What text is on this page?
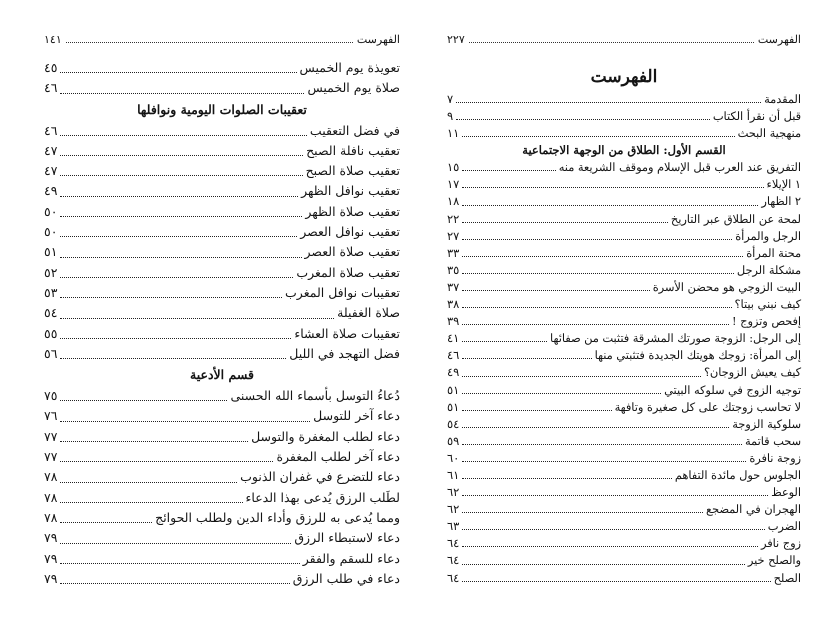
الفهرست
١٤١
تعويذة يوم الخميس
٤٥
صلاة يوم الخميس
٤٦
تعقيبات الصلوات اليومية ونوافلها
في فضل التعقيب
٤٦
تعقيب نافلة الصبح
٤٧
تعقيب صلاة الصبح
٤٧
تعقيب نوافل الظهر
٤٩
تعقيب صلاة الظهر
٥٠
تعقيب نوافل العصر
٥٠
تعقيب صلاة العصر
٥١
تعقيب صلاة المغرب
٥٢
تعقيبات نوافل المغرب
٥٣
صلاة الغفيلة
٥٤
تعقيبات صلاة العشاء
٥٥
فضل التهجد في الليل
٥٦
قسم الأدعية
دُعاءُ التوسل بأسماء الله الحسنى
٧٥
دعاء آخر للتوسل
٧٦
دعاء لطلب المغفرة والتوسل
٧٧
دعاء آخر لطلب المغفرة
٧٧
دعاء للتضرع في غفران الذنوب
٧٨
لطَلب الرزق يُدعى بهذا الدعاء
٧٨
ومما يُدعى به للرزق وأداء الدين ولطلب الحوائج
٧٨
دعاء لاستبطاء الرزق
٧٩
دعاء للسقم والفقر
٧٩
دعاء في طلب الرزق
٧٩
الفهرست
٢٢٧
الفهرست
المقدمة
٧
قبل أن نقرأ الكتاب
٩
منهجية البحث
١١
القسم الأول: الطلاق من الوجهة الاجتماعية
التفريق عند العرب قبل الإسلام وموقف الشريعة منه
١٥
١ الإيلاء
١٧
٢ الظهار
١٨
لمحة عن الطلاق عبر التاريخ
٢٢
الرجل والمرأة
٢٧
محنة المرأة
٣٣
مشكلة الرجل
٣٥
البيت الزوجي هو محضن الأسرة
٣٧
كيف نبني بيتا؟
٣٨
إفحص وتزوج !
٣٩
إلى الرجل: الزوجة صورتك المشرقة فتثبت من صفائها
٤١
إلى المرأة: زوجك هويتك الجديدة فتثبتي منها
٤٦
كيف يعيش الزوجان؟
٤٩
توجيه الزوج في سلوكه البيتي
٥١
لا تحاسب زوجتك على كل صغيرة وتافهة
٥١
سلوكية الزوجة
٥٤
سحب قاتمة
٥٩
زوجة نافرة
٦٠
الجلوس حول مائدة التفاهم
٦١
الوعظ
٦٢
الهجران في المضجع
٦٢
الضرب
٦٣
زوج نافر
٦٤
والصلح خير
٦٤
الصلح
٦٤
